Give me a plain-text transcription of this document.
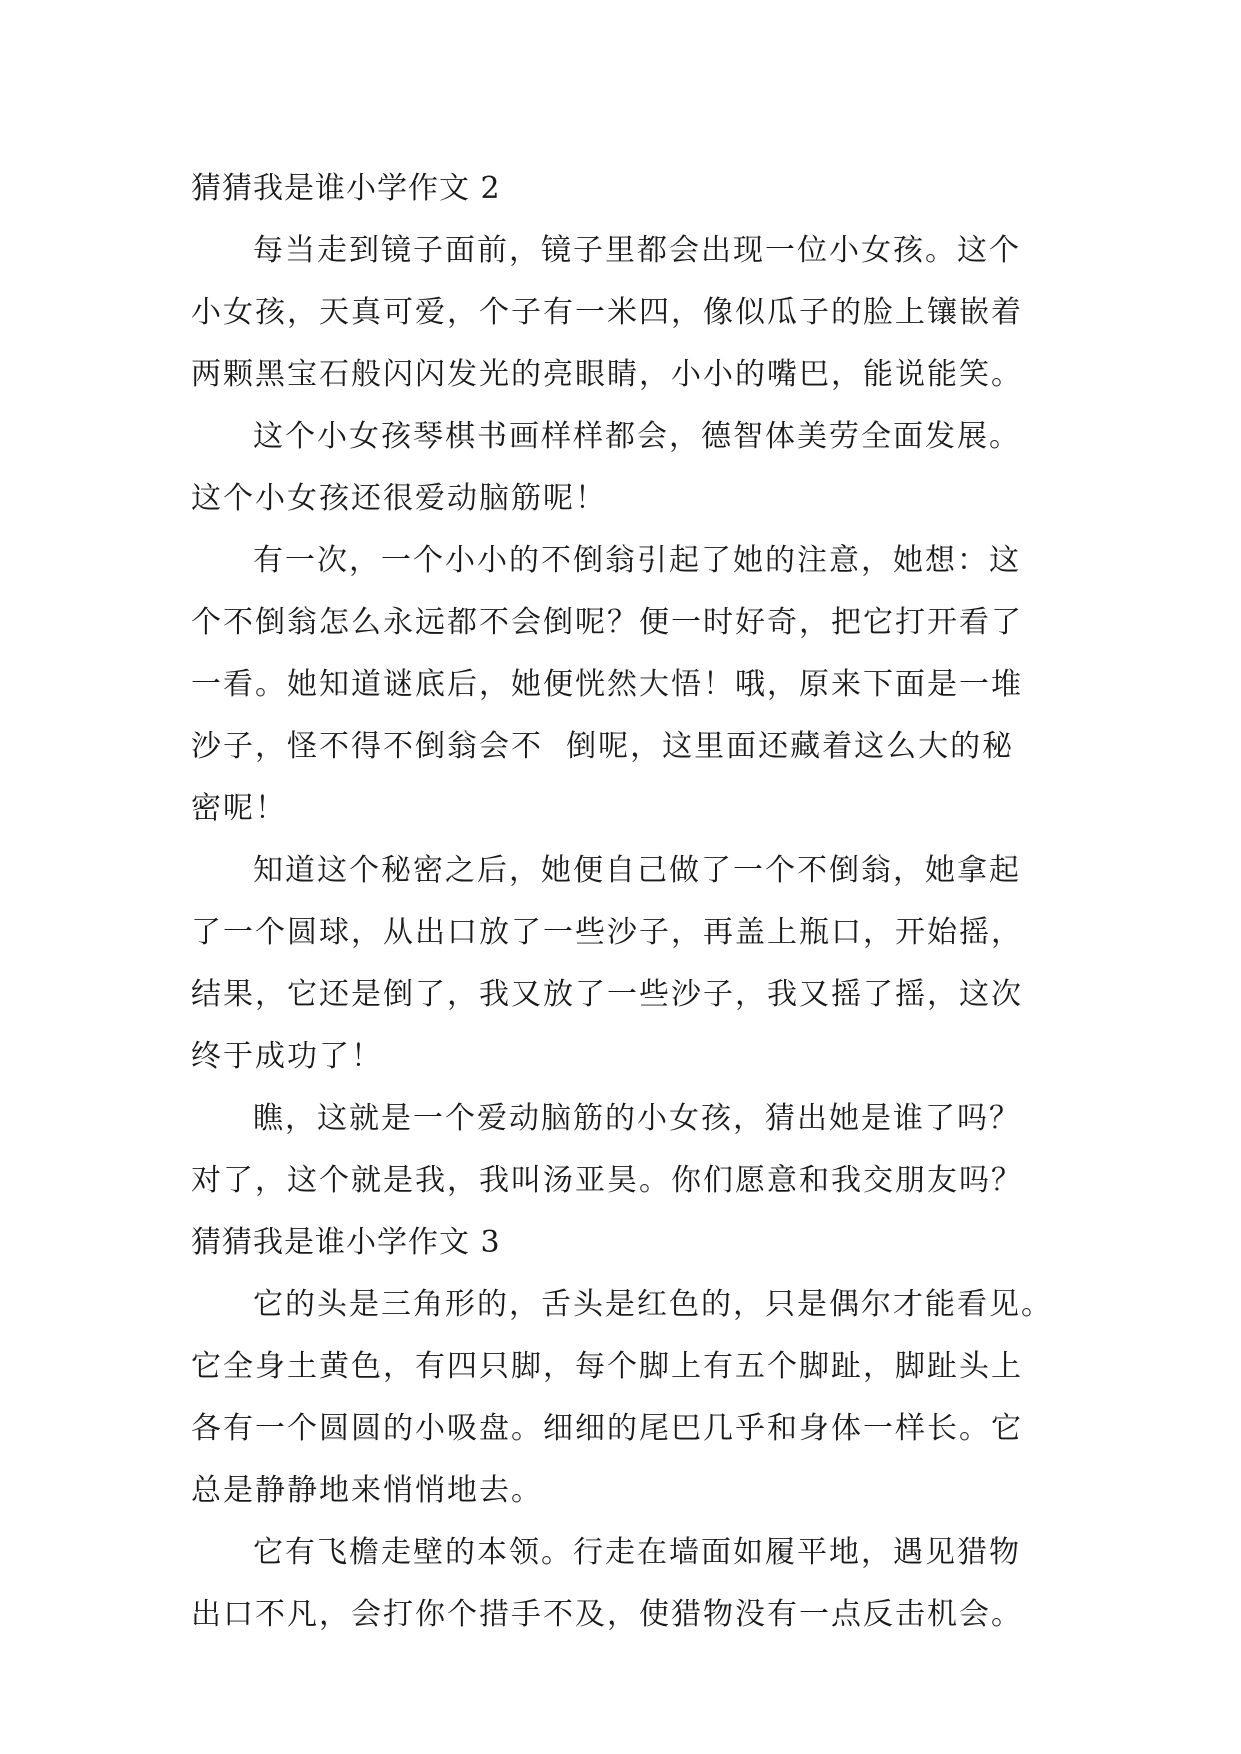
猜猜我是谁小学作文 2
每当走到镜子面前，镜子里都会出现一位小女孩。这个
小女孩，天真可爱，个子有一米四，像似瓜子的脸上镶嵌着
两颗黑宝石般闪闪发光的亮眼睛，小小的嘴巴，能说能笑。
这个小女孩琴棋书画样样都会，德智体美劳全面发展。
这个小女孩还很爱动脑筋呢！
有一次，一个小小的不倒翁引起了她的注意，她想：这
个不倒翁怎么永远都不会倒呢？便一时好奇，把它打开看了
一看。她知道谜底后，她便恍然大悟！哦，原来下面是一堆
沙子，怪不得不倒翁会不  倒呢，这里面还藏着这么大的秘
密呢！
知道这个秘密之后，她便自己做了一个不倒翁，她拿起
了一个圆球，从出口放了一些沙子，再盖上瓶口，开始摇，
结果，它还是倒了，我又放了一些沙子，我又摇了摇，这次
终于成功了！
瞧，这就是一个爱动脑筋的小女孩，猜出她是谁了吗？
对了，这个就是我，我叫汤亚昊。你们愿意和我交朋友吗？
猜猜我是谁小学作文 3
它的头是三角形的，舌头是红色的，只是偶尔才能看见。
它全身土黄色，有四只脚，每个脚上有五个脚趾，脚趾头上
各有一个圆圆的小吸盘。细细的尾巴几乎和身体一样长。它
总是静静地来悄悄地去。
它有飞檐走壁的本领。行走在墙面如履平地，遇见猎物
出口不凡，会打你个措手不及，使猎物没有一点反击机会。
